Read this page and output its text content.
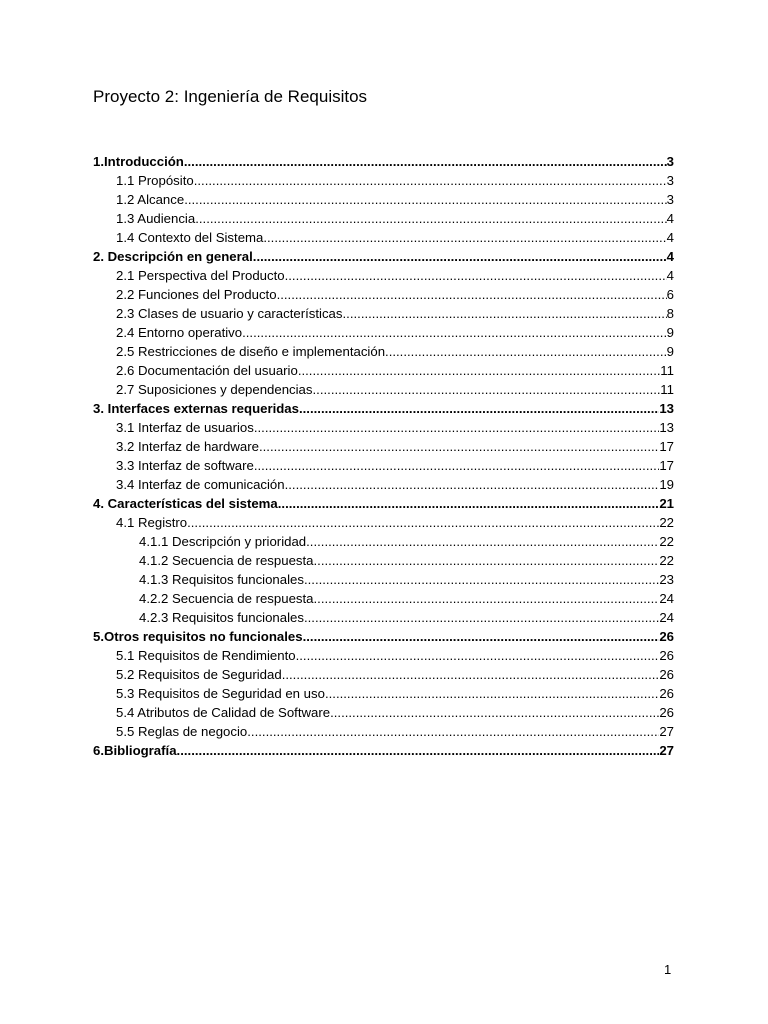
Proyecto 2: Ingeniería de Requisitos
1.Introducción .....	3
1.1 Propósito .....	3
1.2 Alcance .....	3
1.3 Audiencia .....	4
1.4 Contexto del Sistema .....	4
2. Descripción en general .....	4
2.1 Perspectiva del Producto .....	4
2.2 Funciones del Producto .....	6
2.3 Clases de usuario y características .....	8
2.4 Entorno operativo .....	9
2.5 Restricciones de diseño e implementación .....	9
2.6 Documentación del usuario .....	11
2.7 Suposiciones y dependencias .....	11
3. Interfaces externas requeridas .....	13
3.1 Interfaz de usuarios .....	13
3.2 Interfaz de hardware .....	17
3.3 Interfaz de software .....	17
3.4 Interfaz de comunicación .....	19
4. Características del sistema .....	21
4.1 Registro .....	22
4.1.1 Descripción y prioridad .....	22
4.1.2 Secuencia de respuesta .....	22
4.1.3 Requisitos funcionales .....	23
4.2.2 Secuencia de respuesta .....	24
4.2.3 Requisitos funcionales .....	24
5.Otros requisitos no funcionales .....	26
5.1 Requisitos de Rendimiento .....	26
5.2 Requisitos de Seguridad .....	26
5.3 Requisitos de Seguridad en uso .....	26
5.4 Atributos de Calidad de Software .....	26
5.5 Reglas de negocio .....	27
6.Bibliografía .....	27
1
